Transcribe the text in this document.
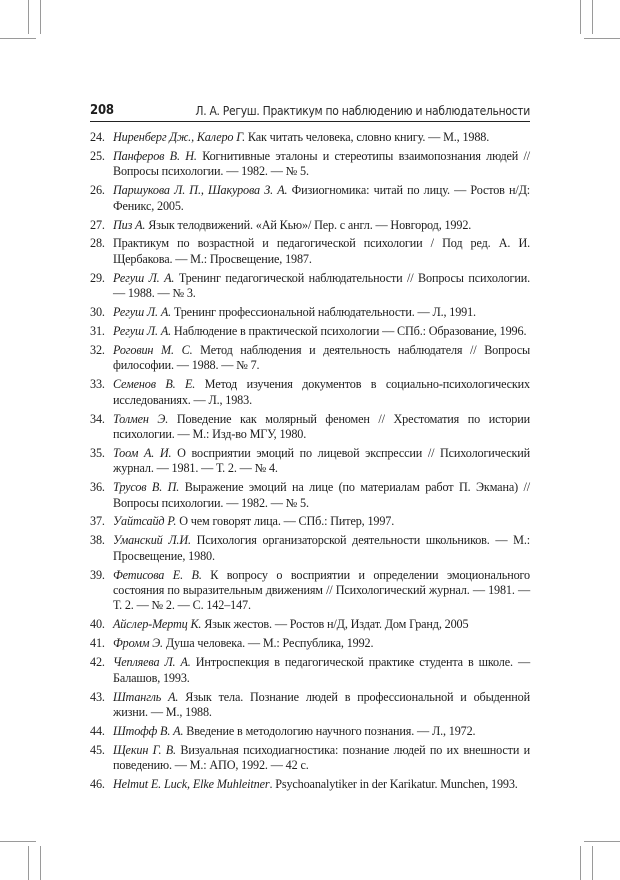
208	Л. А. Регуш. Практикум по наблюдению и наблюдательности
24. Ниренберг Дж., Калеро Г. Как читать человека, словно книгу. — М., 1988.
25. Панферов В. Н. Когнитивные эталоны и стереотипы взаимопознания людей // Вопросы психологии. — 1982. — № 5.
26. Паршукова Л. П., Шакурова З. А. Физиогномика: читай по лицу. — Ростов н/Д: Феникс, 2005.
27. Пиз А. Язык телодвижений. «Ай Кью»/ Пер. с англ. — Новгород, 1992.
28. Практикум по возрастной и педагогической психологии / Под ред. А. И. Щербакова. — М.: Просвещение, 1987.
29. Регуш Л. А. Тренинг педагогической наблюдательности // Вопросы психологии. — 1988. — № 3.
30. Регуш Л. А. Тренинг профессиональной наблюдательности. — Л., 1991.
31. Регуш Л. А. Наблюдение в практической психологии — СПб.: Образование, 1996.
32. Роговин М. С. Метод наблюдения и деятельность наблюдателя // Вопросы философии. — 1988. — № 7.
33. Семенов В. Е. Метод изучения документов в социально-психологических исследованиях. — Л., 1983.
34. Толмен Э. Поведение как молярный феномен // Хрестоматия по истории психологии. — М.: Изд-во МГУ, 1980.
35. Тоом А. И. О восприятии эмоций по лицевой экспрессии // Психологический журнал. — 1981. — Т. 2. — № 4.
36. Трусов В. П. Выражение эмоций на лице (по материалам работ П. Экмана) // Вопросы психологии. — 1982. — № 5.
37. Уайтсайд Р. О чем говорят лица. — СПб.: Питер, 1997.
38. Уманский Л.И. Психология организаторской деятельности школьников. — М.: Просвещение, 1980.
39. Фетисова Е. В. К вопросу о восприятии и определении эмоционального состояния по выразительным движениям // Психологический журнал. — 1981. — Т. 2. — № 2. — С. 142–147.
40. Айслер-Мертц К. Язык жестов. — Ростов н/Д, Издат. Дом Гранд, 2005
41. Фромм Э. Душа человека. — М.: Республика, 1992.
42. Чепляева Л. А. Интроспекция в педагогической практике студента в школе. — Балашов, 1993.
43. Штангль А. Язык тела. Познание людей в профессиональной и обыденной жизни. — М., 1988.
44. Штофф В. А. Введение в методологию научного познания. — Л., 1972.
45. Щекин Г. В. Визуальная психодиагностика: познание людей по их внешности и поведению. — М.: АПО, 1992. — 42 с.
46. Helmut E. Luck, Elke Muhleitner. Psychoanalytiker in der Karikatur. Munchen, 1993.
